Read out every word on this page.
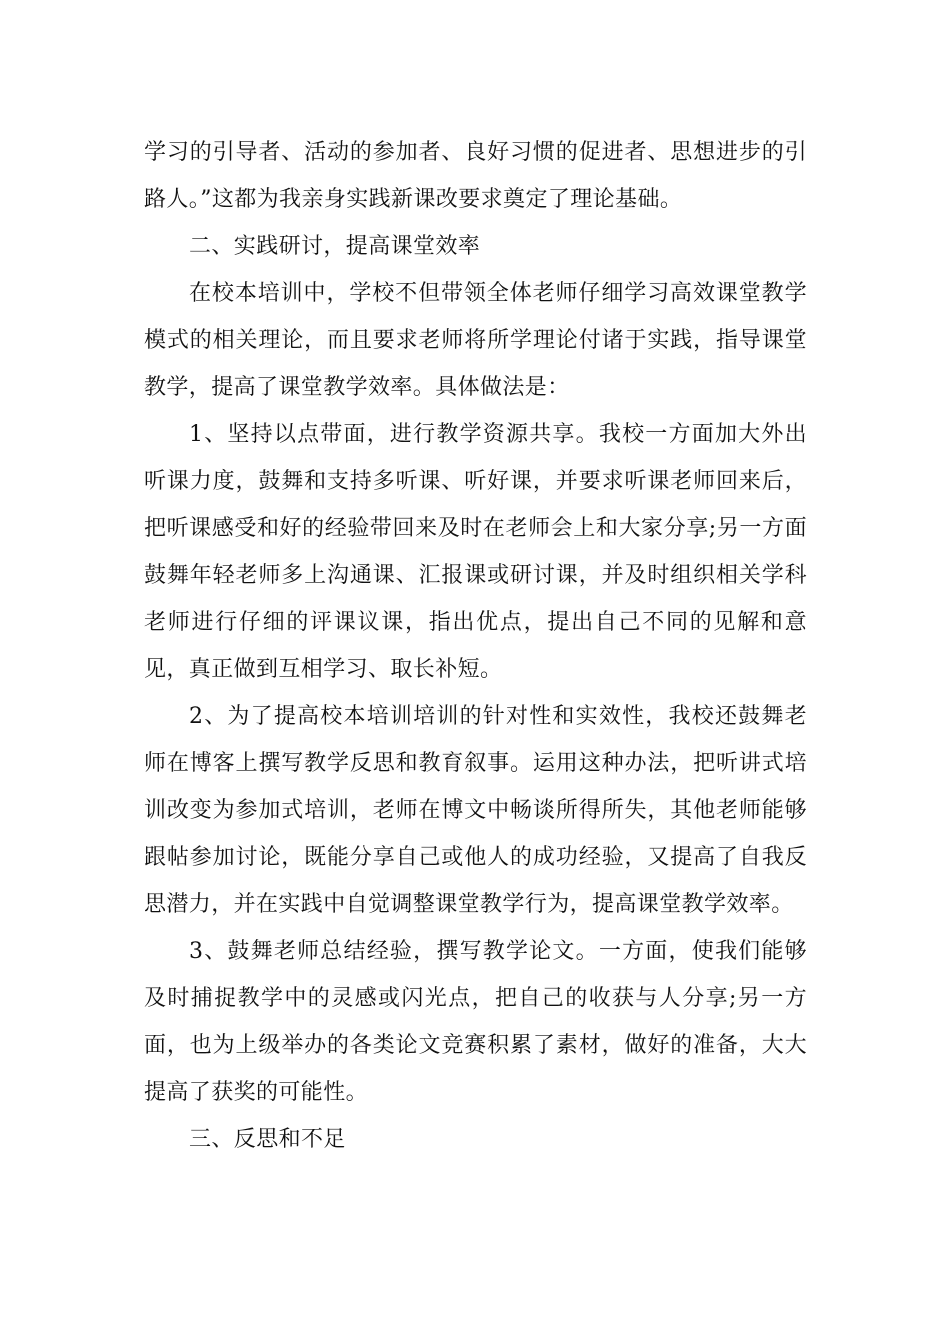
学习的引导者、活动的参加者、良好习惯的促进者、思想进步的引路人。”这都为我亲身实践新课改要求奠定了理论基础。

二、实践研讨，提高课堂效率

在校本培训中，学校不但带领全体老师仔细学习高效课堂教学模式的相关理论，而且要求老师将所学理论付诸于实践，指导课堂教学，提高了课堂教学效率。具体做法是：

1、坚持以点带面，进行教学资源共享。我校一方面加大外出听课力度，鼓舞和支持多听课、听好课，并要求听课老师回来后，把听课感受和好的经验带回来及时在老师会上和大家分享;另一方面鼓舞年轻老师多上沟通课、汇报课或研讨课，并及时组织相关学科老师进行仔细的评课议课，指出优点，提出自己不同的见解和意见，真正做到互相学习、取长补短。

2、为了提高校本培训培训的针对性和实效性，我校还鼓舞老师在博客上撰写教学反思和教育叙事。运用这种办法，把听讲式培训改变为参加式培训，老师在博文中畅谈所得所失，其他老师能够跟帖参加讨论，既能分享自己或他人的成功经验，又提高了自我反思潜力，并在实践中自觉调整课堂教学行为，提高课堂教学效率。

3、鼓舞老师总结经验，撰写教学论文。一方面，使我们能够及时捕捉教学中的灵感或闪光点，把自己的收获与人分享;另一方面，也为上级举办的各类论文竞赛积累了素材，做好的准备，大大提高了获奖的可能性。

三、反思和不足
